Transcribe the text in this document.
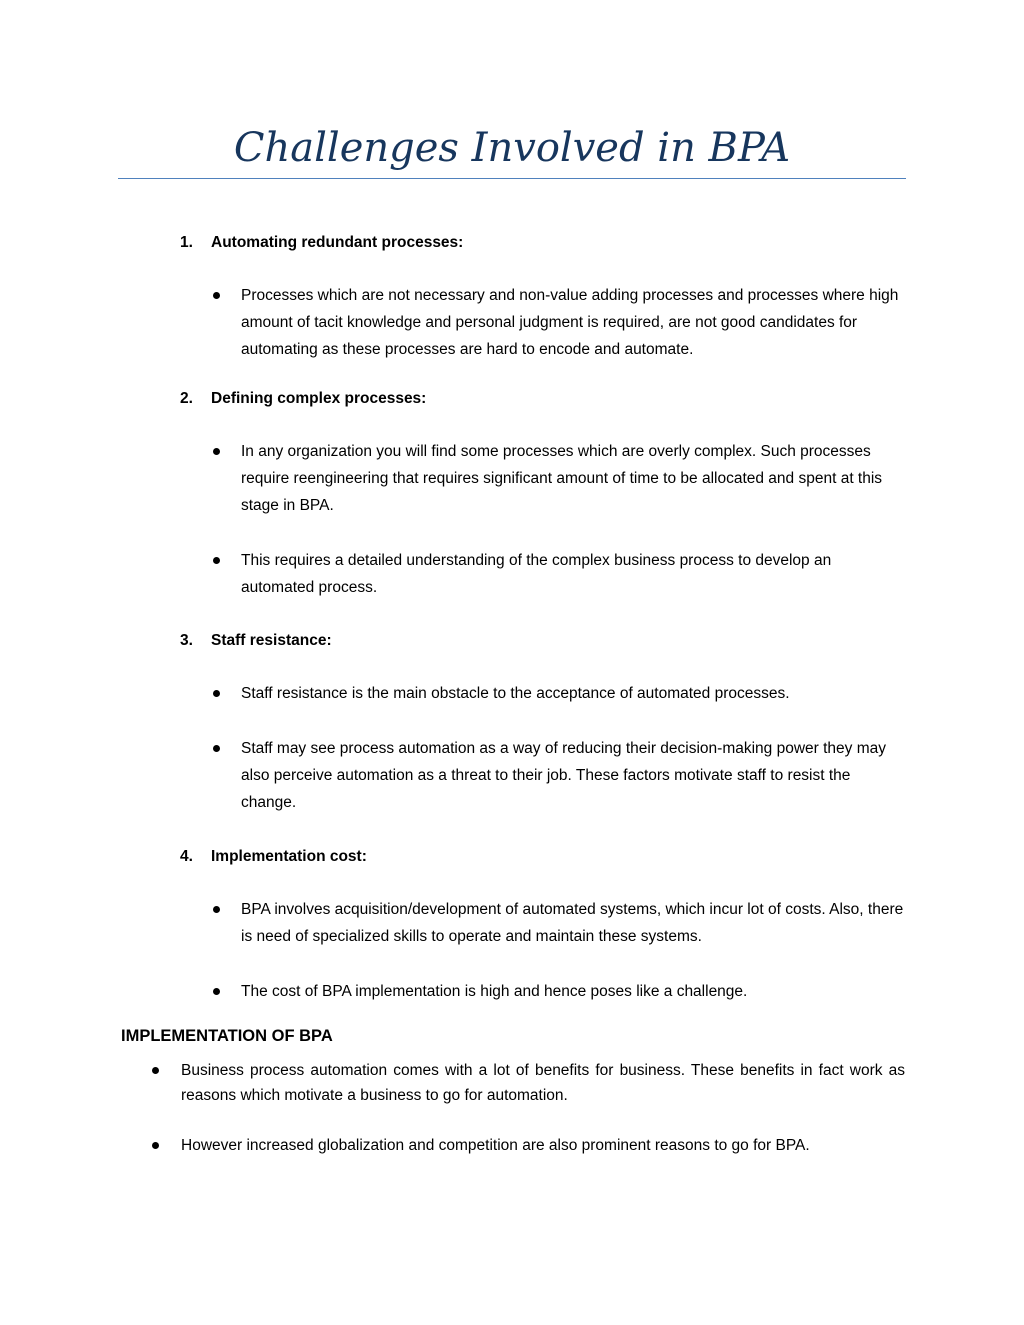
Challenges Involved in BPA
1. Automating redundant processes:
Processes which are not necessary and non-value adding processes and processes where high amount of tacit knowledge and personal judgment is required, are not good candidates for automating as these processes are hard to encode and automate.
2. Defining complex processes:
In any organization you will find some processes which are overly complex. Such processes require reengineering that requires significant amount of time to be allocated and spent at this stage in BPA.
This requires a detailed understanding of the complex business process to develop an automated process.
3. Staff resistance:
Staff resistance is the main obstacle to the acceptance of automated processes.
Staff may see process automation as a way of reducing their decision-making power they may also perceive automation as a threat to their job. These factors motivate staff to resist the change.
4. Implementation cost:
BPA involves acquisition/development of automated systems, which incur lot of costs. Also, there is need of specialized skills to operate and maintain these systems.
The cost of BPA implementation is high and hence poses like a challenge.
IMPLEMENTATION OF BPA
Business process automation comes with a lot of benefits for business. These benefits in fact work as reasons which motivate a business to go for automation.
However increased globalization and competition are also prominent reasons to go for BPA.
